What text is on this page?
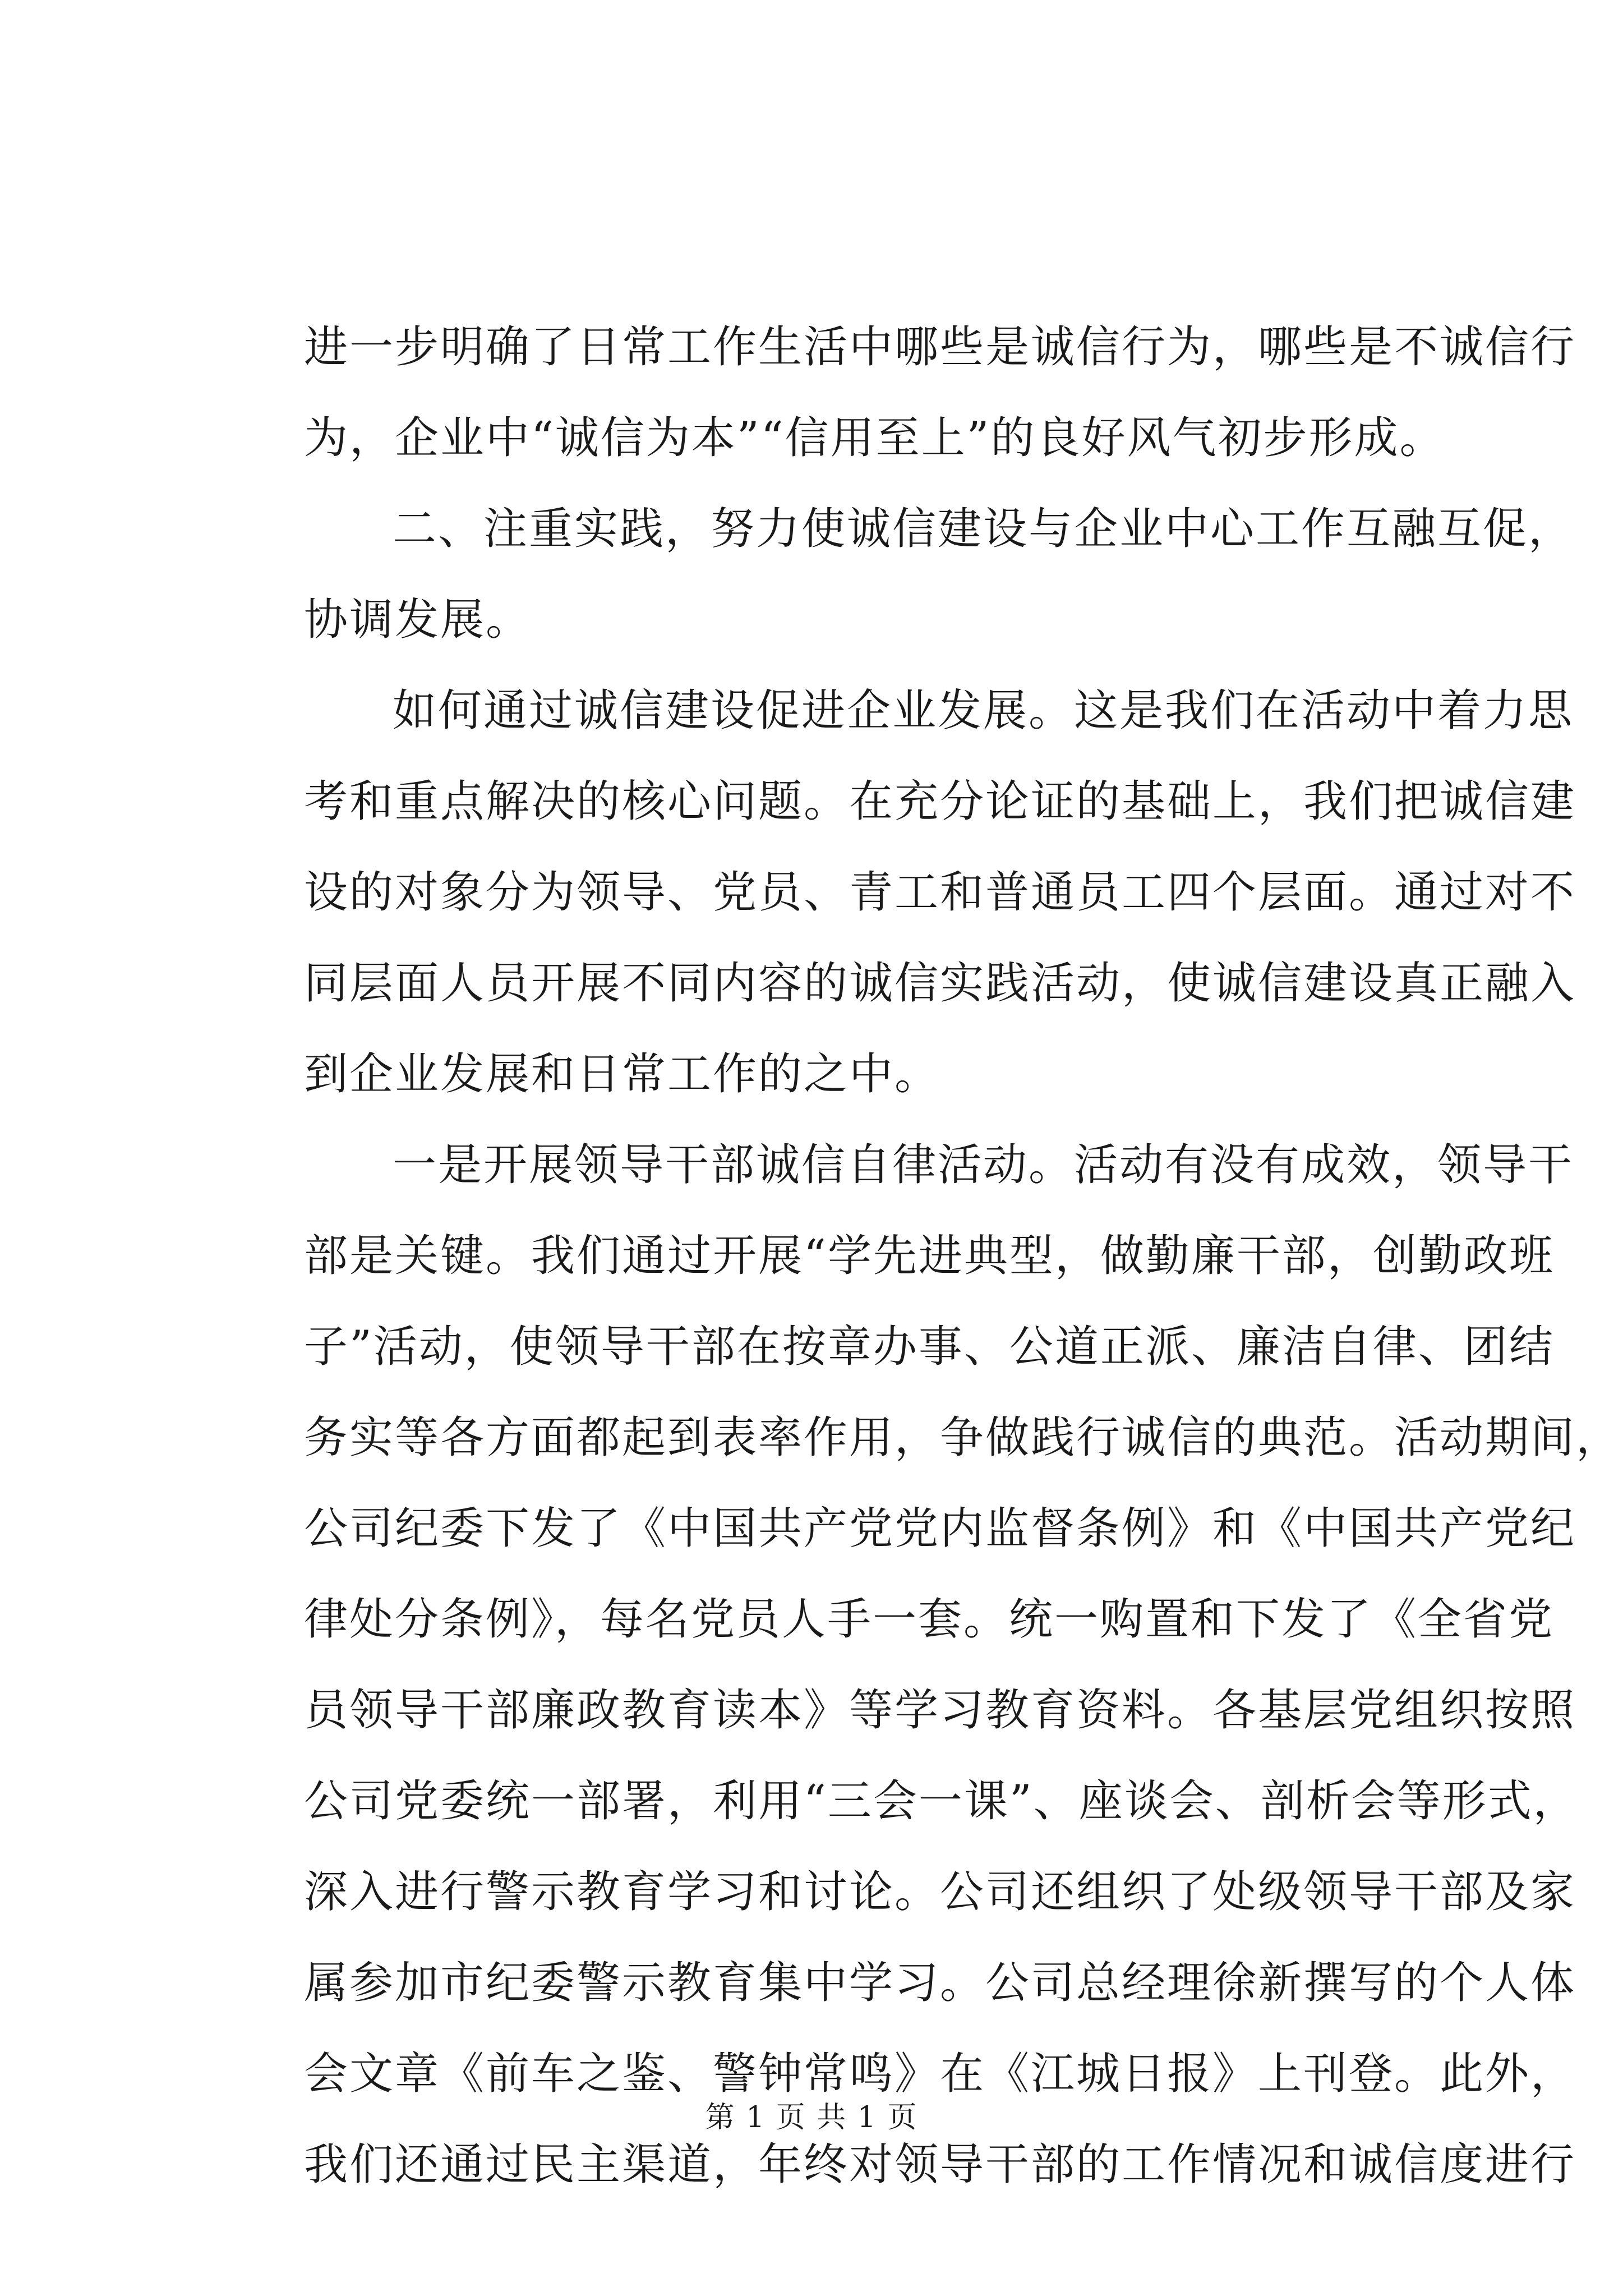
进一步明确了日常工作生活中哪些是诚信行为，哪些是不诚信行
为，企业中“诚信为本”“信用至上”的良好风气初步形成。
二、注重实践，努力使诚信建设与企业中心工作互融互促，
协调发展。
如何通过诚信建设促进企业发展。这是我们在活动中着力思
考和重点解决的核心问题。在充分论证的基础上，我们把诚信建
设的对象分为领导、党员、青工和普通员工四个层面。通过对不
同层面人员开展不同内容的诚信实践活动，使诚信建设真正融入
到企业发展和日常工作的之中。
一是开展领导干部诚信自律活动。活动有没有成效，领导干
部是关键。我们通过开展“学先进典型，做勤廉干部，创勤政班
子”活动，使领导干部在按章办事、公道正派、廉洁自律、团结
务实等各方面都起到表率作用，争做践行诚信的典范。活动期间，
公司纪委下发了《中国共产党党内监督条例》和《中国共产党纪
律处分条例》，每名党员人手一套。统一购置和下发了《全省党
员领导干部廉政教育读本》等学习教育资料。各基层党组织按照
公司党委统一部署，利用“三会一课”、座谈会、剖析会等形式，
深入进行警示教育学习和讨论。公司还组织了处级领导干部及家
属参加市纪委警示教育集中学习。公司总经理徐新撰写的个人体
会文章《前车之鉴、警钟常鸣》在《江城日报》上刊登。此外，
我们还通过民主渠道，年终对领导干部的工作情况和诚信度进行
第 1 页 共 1 页
